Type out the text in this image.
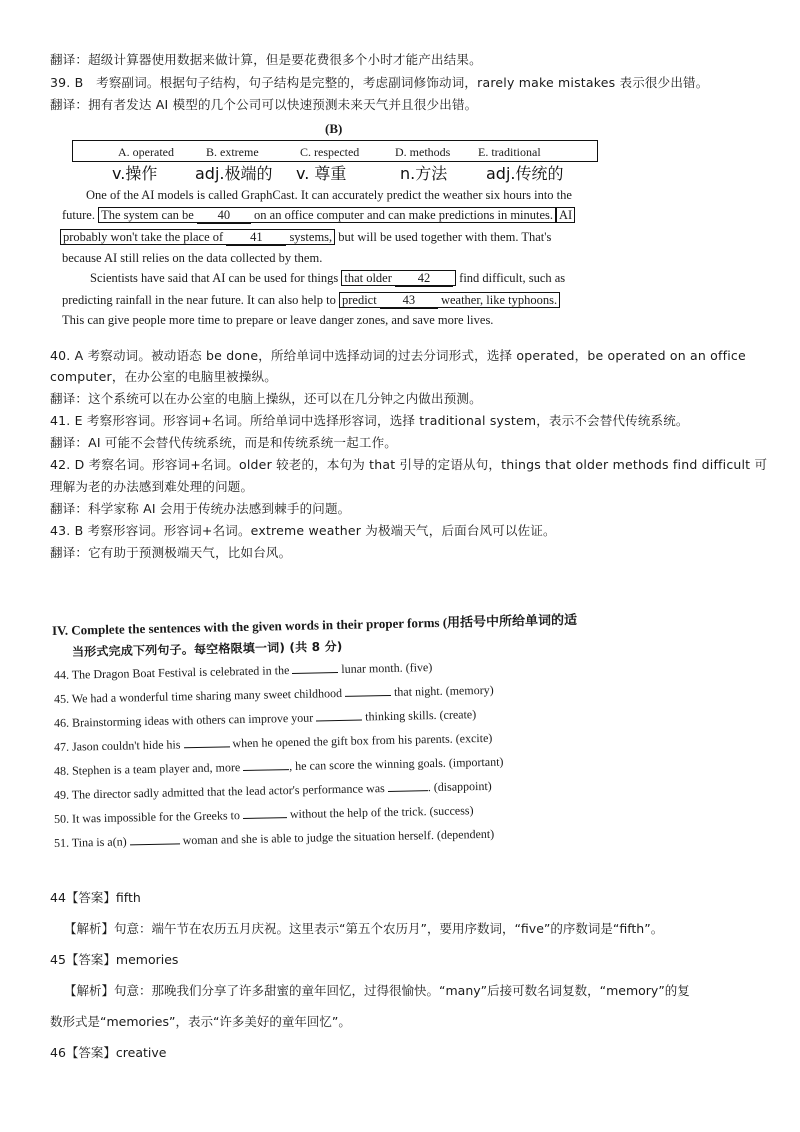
翻译：超级计算器使用数据来做计算，但是要花费很多个小时才能产出结果。
39. B　考察副词。根据句子结构，句子结构是完整的，考虑副词修饰动词，rarely make mistakes 表示很少出错。
翻译：拥有者发达 AI 模型的几个公司可以快速预测未来天气并且很少出错。
(B)
A. operated	B. extreme	C. respected	D. methods E. traditional
v.操作 adj.极端的 v. 尊重	n.方法 adj.传统的
One of the AI models is called GraphCast. It can accurately predict the weather six hours into the
future. The system can be 40 on an office computer and can make predictions in minutes. AI
probably won't take the place of 41 systems, but will be used together with them. That's
because AI still relies on the data collected by them.
Scientists have said that AI can be used for things that older 42 find difficult, such as
predicting rainfall in the near future. It can also help to predict 43 weather, like typhoons.
This can give people more time to prepare or leave danger zones, and save more lives.
40. A 考察动词。被动语态 be done，所给单词中选择动词的过去分词形式，选择 operated，be operated on an office
computer，在办公室的电脑里被操纵。
翻译：这个系统可以在办公室的电脑上操纵，还可以在几分钟之内做出预测。
41. E 考察形容词。形容词+名词。所给单词中选择形容词，选择 traditional system，表示不会替代传统系统。
翻译：AI 可能不会替代传统系统，而是和传统系统一起工作。
42. D 考察名词。形容词+名词。older 较老的，本句为 that 引导的定语从句，things that older methods find difficult 可
理解为老的办法感到难处理的问题。
翻译：科学家称 AI 会用于传统办法感到棘手的问题。
43. B 考察形容词。形容词+名词。extreme weather 为极端天气，后面台风可以佐证。
翻译：它有助于预测极端天气，比如台风。
IV. Complete the sentences with the given words in their proper forms (用括号中所给单词的适
当形式完成下列句子。每空格限填一词) (共 8 分)
44. The Dragon Boat Festival is celebrated in the	lunar month. (five)
45. We had a wonderful time sharing many sweet childhood	that night. (memory)
46. Brainstorming ideas with others can improve your	thinking skills. (create)
47. Jason couldn't hide his	when he opened the gift box from his parents. (excite)
48. Stephen is a team player and, more	, he can score the winning goals. (important)
49. The director sadly admitted that the lead actor's performance was	. (disappoint)
50. It was impossible for the Greeks to	without the help of the trick. (success)
51. Tina is a(n)	woman and she is able to judge the situation herself. (dependent)
44【答案】fifth
【解析】句意：端午节在农历五月庆祝。这里表示“第五个农历月”，要用序数词，“five”的序数词是“fifth”。
45【答案】memories
【解析】句意：那晚我们分享了许多甜蜜的童年回忆，过得很愉快。“many”后接可数名词复数，“memory”的复
数形式是“memories”，表示“许多美好的童年回忆”。
46【答案】creative
